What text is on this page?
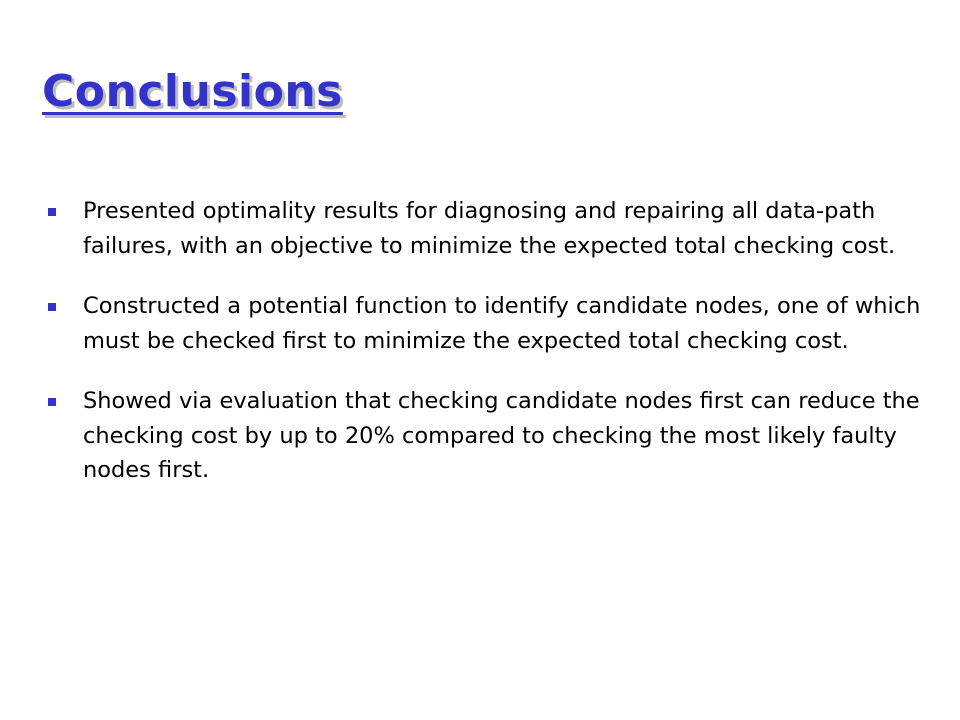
Conclusions
Presented optimality results for diagnosing and repairing all data-path failures, with an objective to minimize the expected total checking cost.
Constructed a potential function to identify candidate nodes, one of which must be checked first to minimize the expected total checking cost.
Showed via evaluation that checking candidate nodes first can reduce the checking cost by up to 20% compared to checking the most likely faulty nodes first.
